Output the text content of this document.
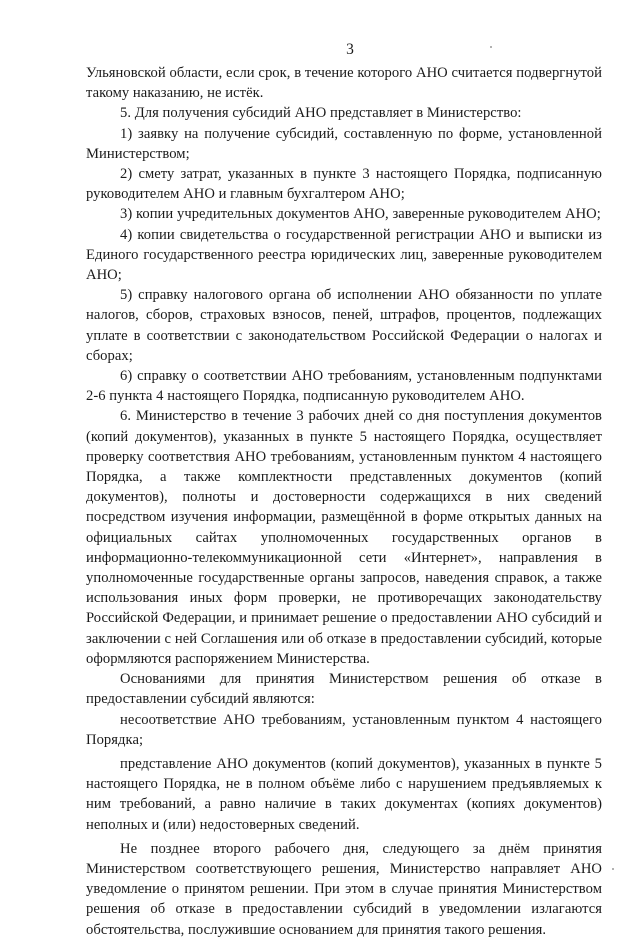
3

Ульяновской области, если срок, в течение которого АНО считается подвергнутой такому наказанию, не истёк.

5. Для получения субсидий АНО представляет в Министерство:

1) заявку на получение субсидий, составленную по форме, установленной Министерством;

2) смету затрат, указанных в пункте 3 настоящего Порядка, подписанную руководителем АНО и главным бухгалтером АНО;

3) копии учредительных документов АНО, заверенные руководителем АНО;

4) копии свидетельства о государственной регистрации АНО и выписки из Единого государственного реестра юридических лиц, заверенные руководителем АНО;

5) справку налогового органа об исполнении АНО обязанности по уплате налогов, сборов, страховых взносов, пеней, штрафов, процентов, подлежащих уплате в соответствии с законодательством Российской Федерации о налогах и сборах;

6) справку о соответствии АНО требованиям, установленным подпунктами 2-6 пункта 4 настоящего Порядка, подписанную руководителем АНО.

6. Министерство в течение 3 рабочих дней со дня поступления документов (копий документов), указанных в пункте 5 настоящего Порядка, осуществляет проверку соответствия АНО требованиям, установленным пунктом 4 настоящего Порядка, а также комплектности представленных документов (копий документов), полноты и достоверности содержащихся в них сведений посредством изучения информации, размещённой в форме открытых данных на официальных сайтах уполномоченных государственных органов в информационно-телекоммуникационной сети «Интернет», направления в уполномоченные государственные органы запросов, наведения справок, а также использования иных форм проверки, не противоречащих законодательству Российской Федерации, и принимает решение о предоставлении АНО субсидий и заключении с ней Соглашения или об отказе в предоставлении субсидий, которые оформляются распоряжением Министерства.

Основаниями для принятия Министерством решения об отказе в предоставлении субсидий являются:

несоответствие АНО требованиям, установленным пунктом 4 настоящего Порядка;

представление АНО документов (копий документов), указанных в пункте 5 настоящего Порядка, не в полном объёме либо с нарушением предъявляемых к ним требований, а равно наличие в таких документах (копиях документов) неполных и (или) недостоверных сведений.

Не позднее второго рабочего дня, следующего за днём принятия Министерством соответствующего решения, Министерство направляет АНО уведомление о принятом решении. При этом в случае принятия Министерством решения об отказе в предоставлении субсидий в уведомлении излагаются обстоятельства, послужившие основанием для принятия такого решения.
